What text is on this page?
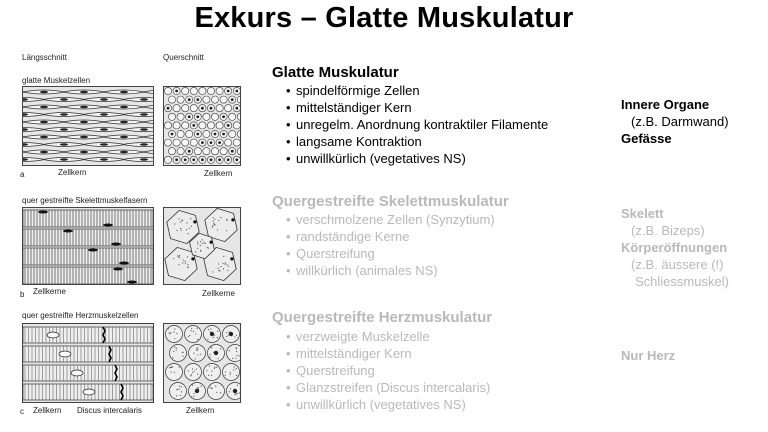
Exkurs – Glatte Muskulatur
Längsschnitt	Querschnitt
glatte Muskelzellen
a	Zellkern	Zellkern
quer gestreifte Skelettmuskelfasern
b Zellkerne	Zellkerne
quer gestreifte Herzmuskelzellen
c Zellkern Discus intercalaris	Zellkern
Glatte Muskulatur
• spindelförmige Zellen
• mittelständiger Kern
• unregelm. Anordnung kontraktiler Filamente
• langsame Kontraktion
• unwillkürlich (vegetatives NS)
Innere Organe
(z.B. Darmwand)
Gefässe
Quergestreifte Skelettmuskulatur
• verschmolzene Zellen (Synzytium)
• randständige Kerne
• Querstreifung
• willkürlich (animales NS)
Skelett
(z.B. Bizeps)
Körperöffnungen
(z.B. äussere (!)
Schliessmuskel)
Quergestreifte Herzmuskulatur
• verzweigte Muskelzelle
• mittelständiger Kern
• Querstreifung
• Glanzstreifen (Discus intercalaris)
• unwillkürlich (vegetatives NS)
Nur Herz
